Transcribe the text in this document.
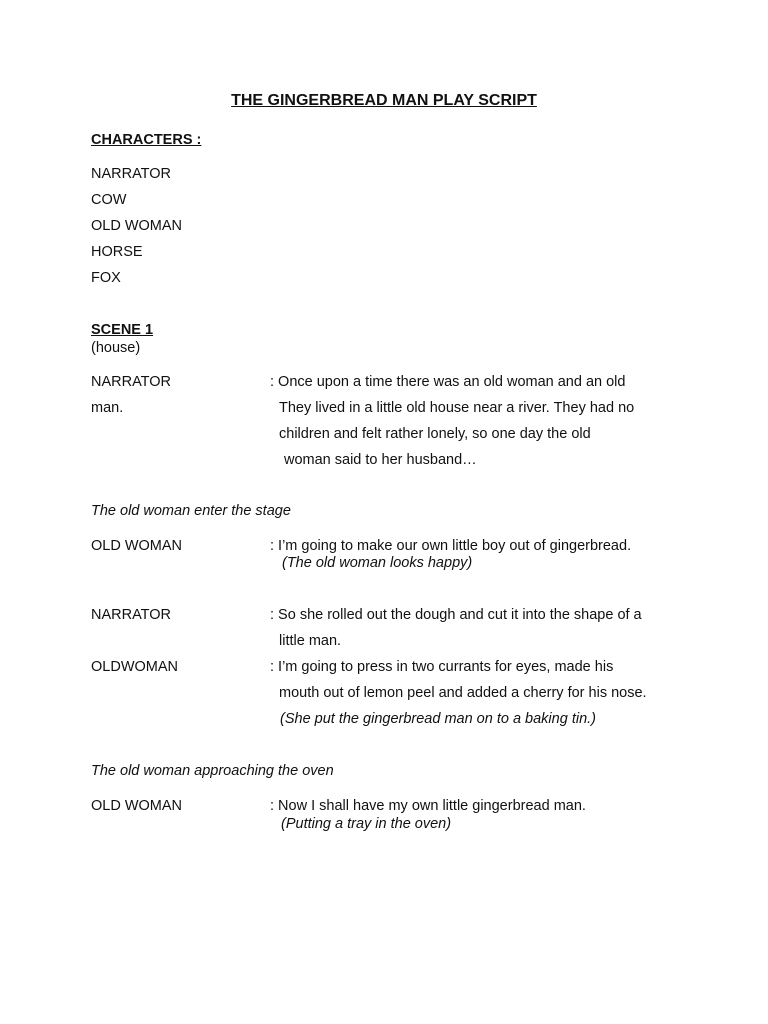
THE GINGERBREAD MAN PLAY SCRIPT
CHARACTERS :
NARRATOR
COW
OLD WOMAN
HORSE
FOX
SCENE 1
(house)
NARRATOR	: Once upon a time there was an old woman and an old
man.	They lived in a little old house near a river. They had no
children and felt rather lonely, so one day the old
woman said to her husband…
The old woman enter the stage
OLD WOMAN	: I’m going to make our own little boy out of gingerbread.
(The old woman looks happy)
NARRATOR	: So she rolled out the dough and cut it into the shape of a
little man.
OLDWOMAN	: I’m going to press in two currants for eyes, made his
mouth out of lemon peel and added a cherry for his nose.
(She put the gingerbread man on to a baking tin.)
The old woman approaching the oven
OLD WOMAN	: Now I shall have my own little gingerbread man.
(Putting a tray in the oven)
